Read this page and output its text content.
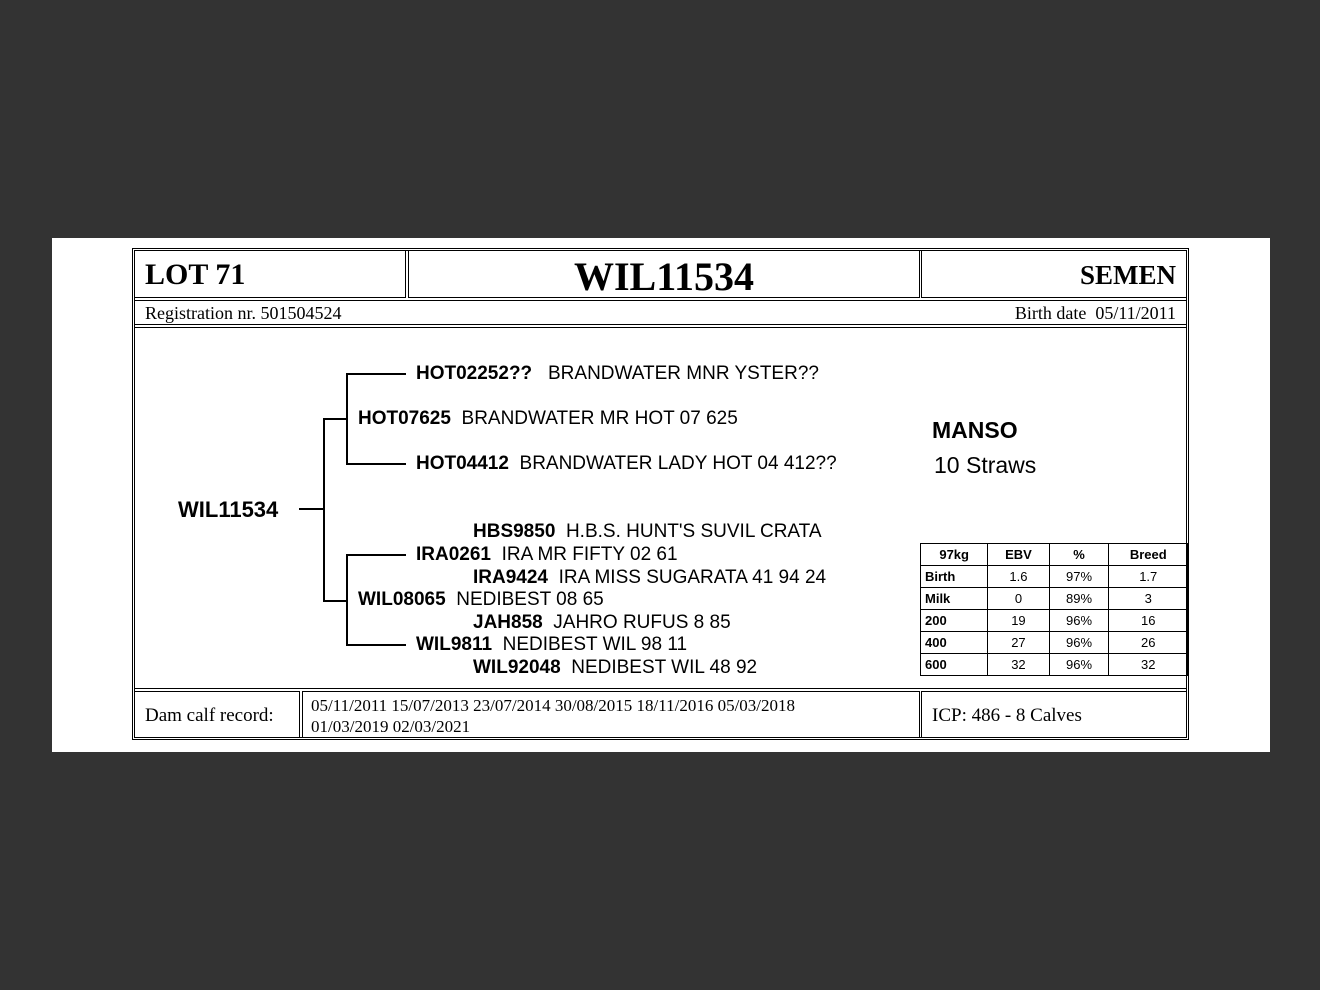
LOT 71	WIL11534	SEMEN
Registration nr. 501504524	Birth date 05/11/2011
WIL11534
HOT02252?? BRANDWATER MNR YSTER??
HOT07625 BRANDWATER MR HOT 07 625
HOT04412 BRANDWATER LADY HOT 04 412??
HBS9850 H.B.S. HUNT'S SUVIL CRATA
IRA0261 IRA MR FIFTY 02 61
IRA9424 IRA MISS SUGARATA 41 94 24
WIL08065 NEDIBEST 08 65
JAH858 JAHRO RUFUS 8 85
WIL9811 NEDIBEST WIL 98 11
WIL92048 NEDIBEST WIL 48 92
MANSO
10 Straws
97kg	EBV	%	Breed
Birth	1.6	97%	1.7
Milk	0	89%	3
200	19	96%	16
400	27	96%	26
600	32	96%	32
Dam calf record: 05/11/2011 15/07/2013 23/07/2014 30/08/2015 18/11/2016 05/03/2018
01/03/2019 02/03/2021
ICP: 486 - 8 Calves
